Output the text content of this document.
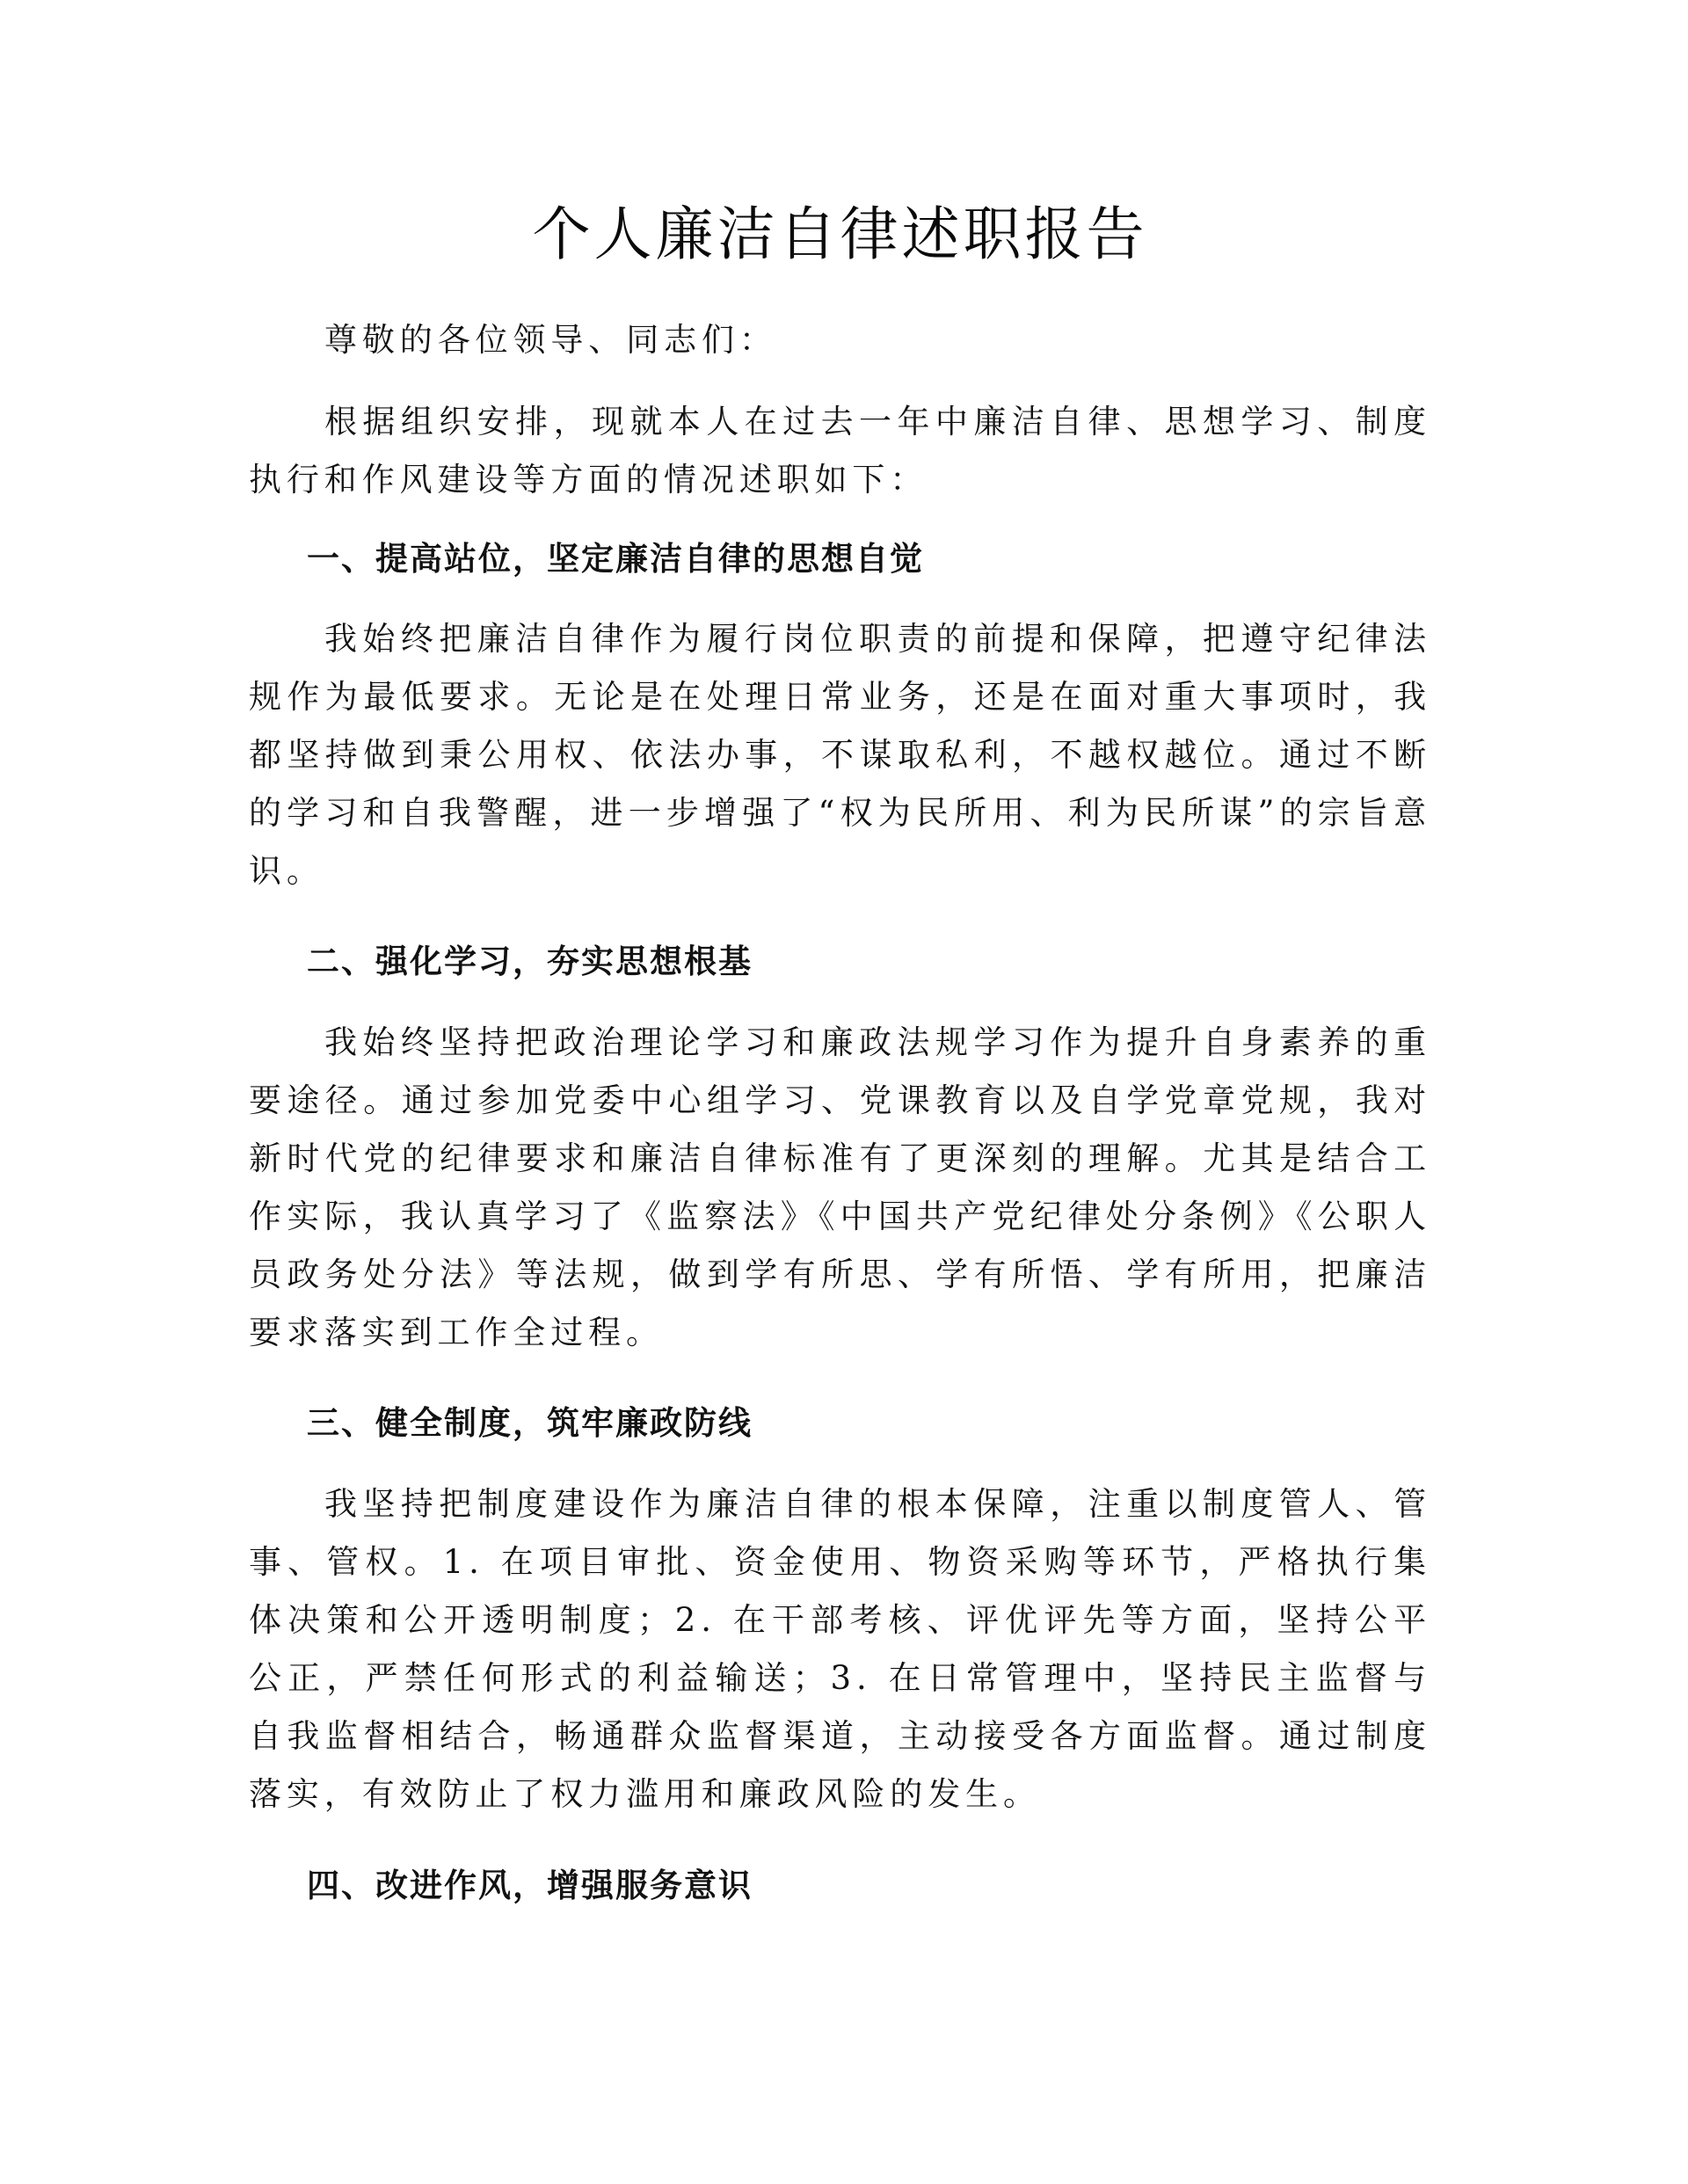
个人廉洁自律述职报告

尊敬的各位领导、同志们：

根据组织安排，现就本人在过去一年中廉洁自律、思想学习、制度执行和作风建设等方面的情况述职如下：

一、提高站位，坚定廉洁自律的思想自觉

我始终把廉洁自律作为履行岗位职责的前提和保障，把遵守纪律法规作为最低要求。无论是在处理日常业务，还是在面对重大事项时，我都坚持做到秉公用权、依法办事，不谋取私利，不越权越位。通过不断的学习和自我警醒，进一步增强了“权为民所用、利为民所谋”的宗旨意识。

二、强化学习，夯实思想根基

我始终坚持把政治理论学习和廉政法规学习作为提升自身素养的重要途径。通过参加党委中心组学习、党课教育以及自学党章党规，我对新时代党的纪律要求和廉洁自律标准有了更深刻的理解。尤其是结合工作实际，我认真学习了《监察法》《中国共产党纪律处分条例》《公职人员政务处分法》等法规，做到学有所思、学有所悟、学有所用，把廉洁要求落实到工作全过程。

三、健全制度，筑牢廉政防线

我坚持把制度建设作为廉洁自律的根本保障，注重以制度管人、管事、管权。1. 在项目审批、资金使用、物资采购等环节，严格执行集体决策和公开透明制度；2. 在干部考核、评优评先等方面，坚持公平公正，严禁任何形式的利益输送；3. 在日常管理中，坚持民主监督与自我监督相结合，畅通群众监督渠道，主动接受各方面监督。通过制度落实，有效防止了权力滥用和廉政风险的发生。

四、改进作风，增强服务意识
